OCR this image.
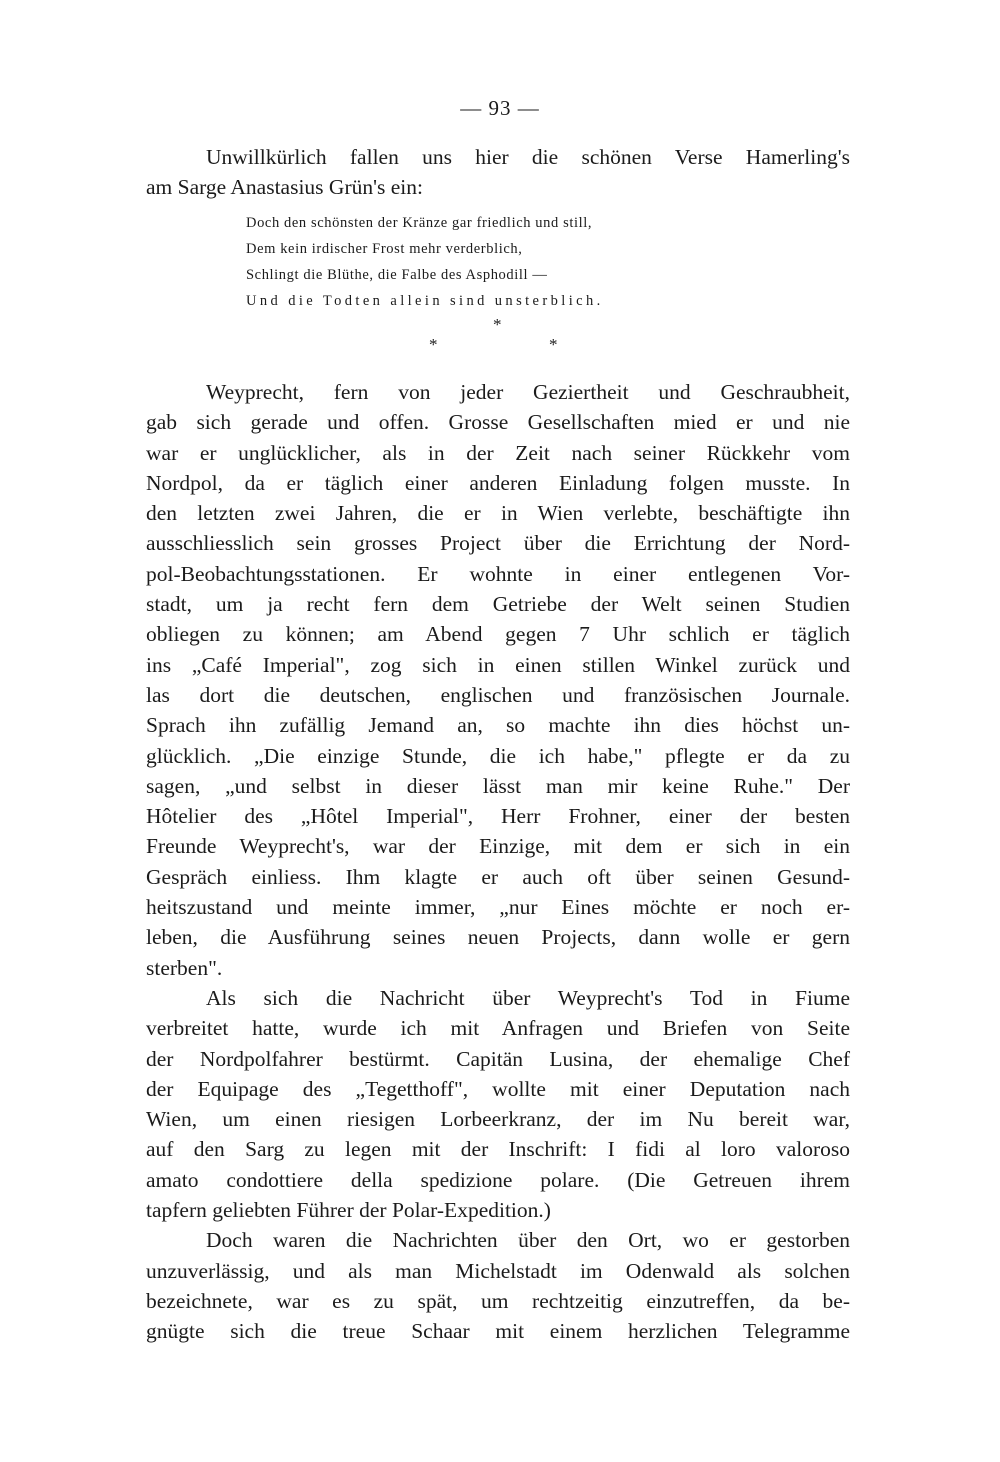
— 93 —
Unwillkürlich fallen uns hier die schönen Verse Hamerling's
am Sarge Anastasius Grün's ein:
Doch den schönsten der Kränze gar friedlich und still,
Dem kein irdischer Frost mehr verderblich,
Schlingt die Blüthe, die Falbe des Asphodill —
Und die Todten allein sind unsterblich.
*
*	*
Weyprecht, fern von jeder Geziertheit und Geschraubheit,
gab sich gerade und offen. Grosse Gesellschaften mied er und nie
war er unglücklicher, als in der Zeit nach seiner Rückkehr vom
Nordpol, da er täglich einer anderen Einladung folgen musste. In
den letzten zwei Jahren, die er in Wien verlebte, beschäftigte ihn
ausschliesslich sein grosses Project über die Errichtung der Nord-
pol-Beobachtungsstationen. Er wohnte in einer entlegenen Vor-
stadt, um ja recht fern dem Getriebe der Welt seinen Studien
obliegen zu können; am Abend gegen 7 Uhr schlich er täglich
ins „Café Imperial", zog sich in einen stillen Winkel zurück und
las dort die deutschen, englischen und französischen Journale.
Sprach ihn zufällig Jemand an, so machte ihn dies höchst un-
glücklich. „Die einzige Stunde, die ich habe," pflegte er da zu
sagen, „und selbst in dieser lässt man mir keine Ruhe." Der
Hôtelier des „Hôtel Imperial", Herr Frohner, einer der besten
Freunde Weyprecht's, war der Einzige, mit dem er sich in ein
Gespräch einliess. Ihm klagte er auch oft über seinen Gesund-
heitszustand und meinte immer, „nur Eines möchte er noch er-
leben, die Ausführung seines neuen Projects, dann wolle er gern
sterben".
Als sich die Nachricht über Weyprecht's Tod in Fiume
verbreitet hatte, wurde ich mit Anfragen und Briefen von Seite
der Nordpolfahrer bestürmt. Capitän Lusina, der ehemalige Chef
der Equipage des „Tegetthoff", wollte mit einer Deputation nach
Wien, um einen riesigen Lorbeerkranz, der im Nu bereit war,
auf den Sarg zu legen mit der Inschrift: I fidi al loro valoroso
amato condottiere della spedizione polare. (Die Getreuen ihrem
tapfern geliebten Führer der Polar-Expedition.)
Doch waren die Nachrichten über den Ort, wo er gestorben
unzuverlässig, und als man Michelstadt im Odenwald als solchen
bezeichnete, war es zu spät, um rechtzeitig einzutreffen, da be-
gnügte sich die treue Schaar mit einem herzlichen Telegramme
